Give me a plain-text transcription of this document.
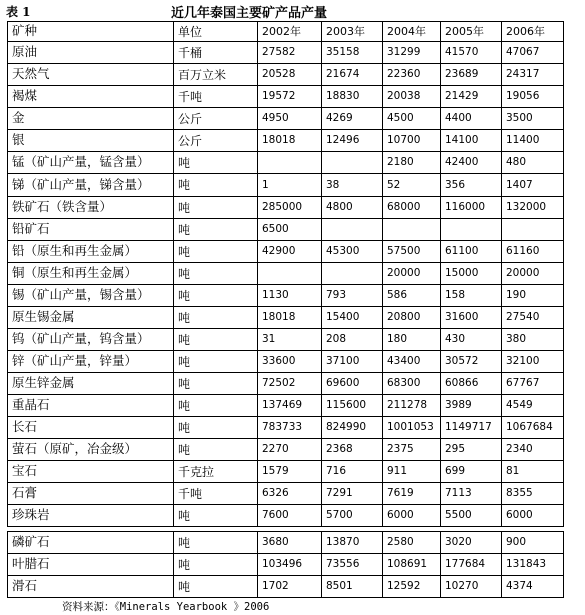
表 1	近几年泰国主要矿产品产量
矿种	单位	2002年	2003年	2004年	2005年	2006年
原油	千桶	27582	35158	31299	41570	47067
天然气	百万立米	20528	21674	22360	23689	24317
褐煤	千吨	19572	18830	20038	21429	19056
金	公斤	4950	4269	4500	4400	3500
银	公斤	18018	12496	10700	14100	11400
锰（矿山产量，锰含量）	吨			2180	42400	480
锑（矿山产量，锑含量）	吨	1	38	52	356	1407
铁矿石（铁含量）	吨	285000	4800	68000	116000	132000
铅矿石	吨	6500				
铅（原生和再生金属）	吨	42900	45300	57500	61100	61160
铜（原生和再生金属）	吨			20000	15000	20000
锡（矿山产量，锡含量）	吨	1130	793	586	158	190
原生锡金属	吨	18018	15400	20800	31600	27540
钨（矿山产量，钨含量）	吨	31	208	180	430	380
锌（矿山产量，锌量）	吨	33600	37100	43400	30572	32100
原生锌金属	吨	72502	69600	68300	60866	67767
重晶石	吨	137469	115600	211278	3989	4549
长石	吨	783733	824990	1001053	1149717	1067684
萤石（原矿，冶金级）	吨	2270	2368	2375	295	2340
宝石	千克拉	1579	716	911	699	81
石膏	千吨	6326	7291	7619	7113	8355
珍珠岩	吨	7600	5700	6000	5500	6000
磷矿石	吨	3680	13870	2580	3020	900
叶腊石	吨	103496	73556	108691	177684	131843
滑石	吨	1702	8501	12592	10270	4374
资料来源：《Minerals Yearbook 》2006
